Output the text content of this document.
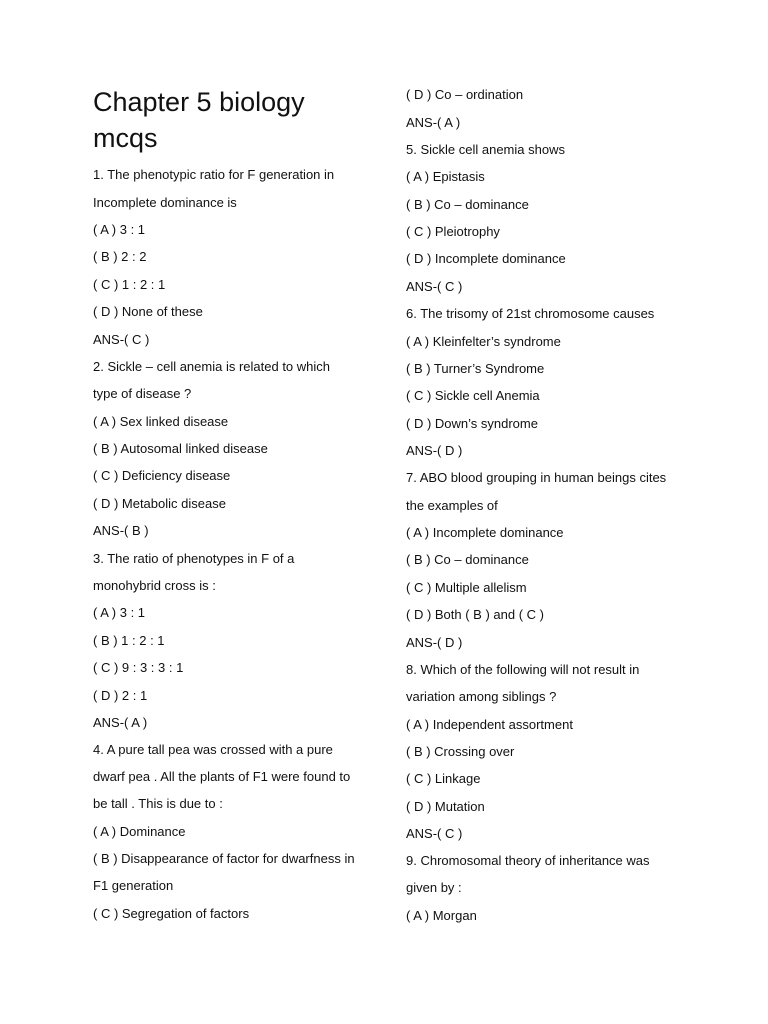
Chapter 5 biology
mcqs
1. The phenotypic ratio for F generation in
Incomplete dominance is
( A ) 3 : 1
( B ) 2 : 2
( C ) 1 : 2 : 1
( D ) None of these
ANS-( C )
2. Sickle – cell anemia is related to which
type of disease ?
( A ) Sex linked disease
( B ) Autosomal linked disease
( C ) Deficiency disease
( D ) Metabolic disease
ANS-( B )
3. The ratio of phenotypes in F of a
monohybrid cross is :
( A ) 3 : 1
( B ) 1 : 2 : 1
( C ) 9 : 3 : 3 : 1
( D ) 2 : 1
ANS-( A )
4. A pure tall pea was crossed with a pure
dwarf pea . All the plants of F1 were found to
be tall . This is due to :
( A ) Dominance
( B ) Disappearance of factor for dwarfness in
F1 generation
( C ) Segregation of factors
( D ) Co – ordination
ANS-( A )
5. Sickle cell anemia shows
( A ) Epistasis
( B ) Co – dominance
( C ) Pleiotrophy
( D ) Incomplete dominance
ANS-( C )
6. The trisomy of 21st chromosome causes
( A ) Kleinfelter’s syndrome
( B ) Turner’s Syndrome
( C ) Sickle cell Anemia
( D ) Down’s syndrome
ANS-( D )
7. ABO blood grouping in human beings cites
the examples of
( A ) Incomplete dominance
( B ) Co – dominance
( C ) Multiple allelism
( D ) Both ( B ) and ( C )
ANS-( D )
8. Which of the following will not result in
variation among siblings ?
( A ) Independent assortment
( B ) Crossing over
( C ) Linkage
( D ) Mutation
ANS-( C )
9. Chromosomal theory of inheritance was
given by :
( A ) Morgan
